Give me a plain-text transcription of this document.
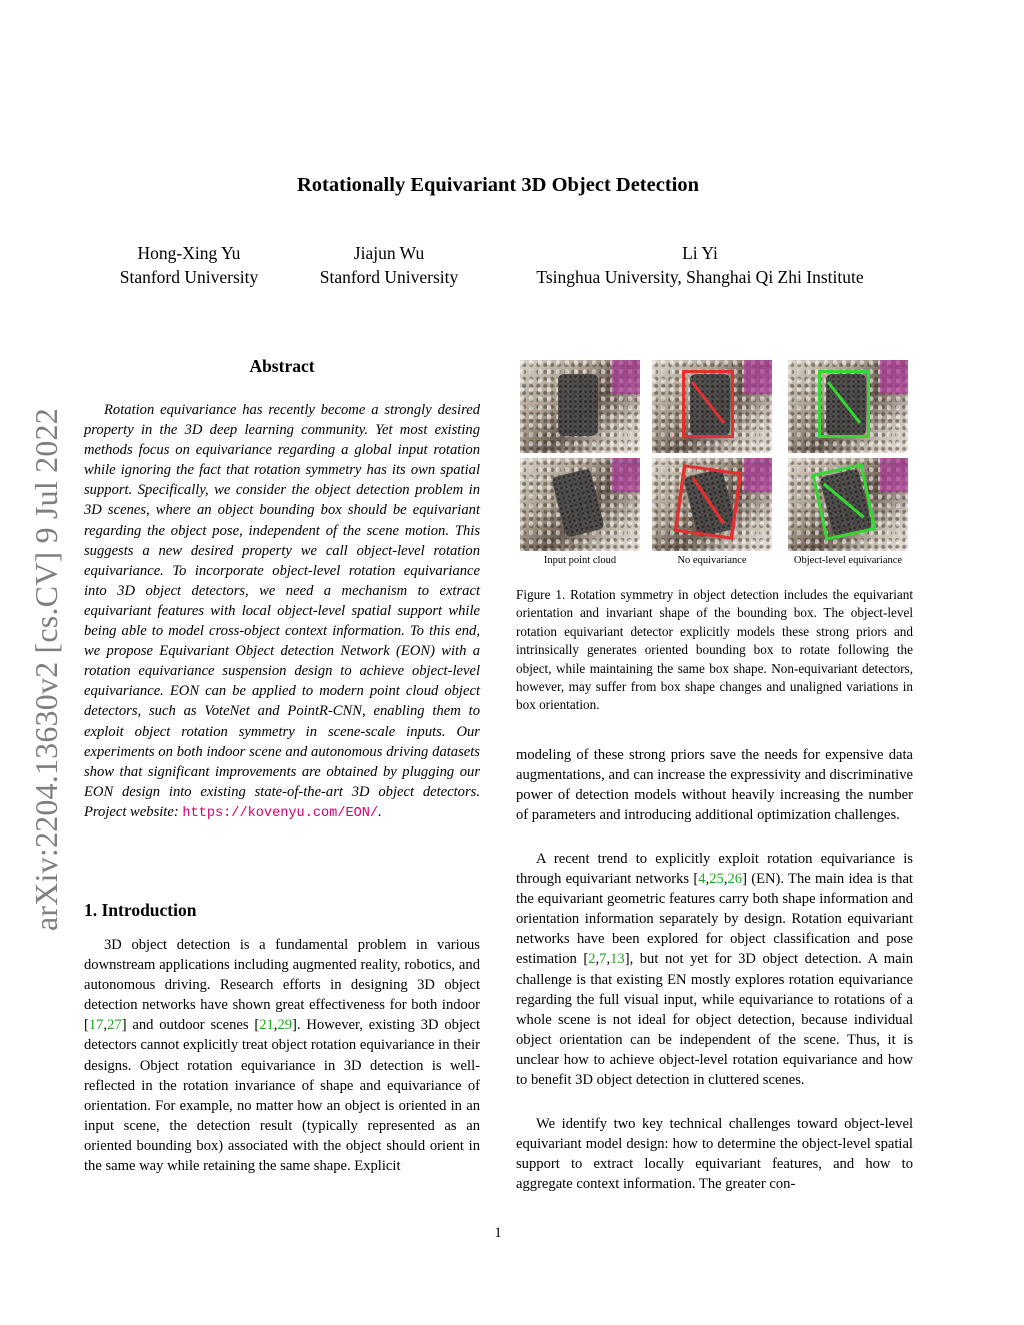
Rotationally Equivariant 3D Object Detection
Hong-Xing Yu
Stanford University
Jiajun Wu
Stanford University
Li Yi
Tsinghua University, Shanghai Qi Zhi Institute
arXiv:2204.13630v2 [cs.CV] 9 Jul 2022
Abstract

Rotation equivariance has recently become a strongly desired property in the 3D deep learning community. Yet most existing methods focus on equivariance regarding a global input rotation while ignoring the fact that rotation symmetry has its own spatial support. Specifically, we consider the object detection problem in 3D scenes, where an object bounding box should be equivariant regarding the object pose, independent of the scene motion. This suggests a new desired property we call object-level rotation equivariance. To incorporate object-level rotation equivariance into 3D object detectors, we need a mechanism to extract equivariant features with local object-level spatial support while being able to model cross-object context information. To this end, we propose Equivariant Object detection Network (EON) with a rotation equivariance suspension design to achieve object-level equivariance. EON can be applied to modern point cloud object detectors, such as VoteNet and PointR-CNN, enabling them to exploit object rotation symmetry in scene-scale inputs. Our experiments on both indoor scene and autonomous driving datasets show that significant improvements are obtained by plugging our EON design into existing state-of-the-art 3D object detectors. Project website: https://kovenyu.com/EON/.

1. Introduction

3D object detection is a fundamental problem in various downstream applications including augmented reality, robotics, and autonomous driving. Research efforts in designing 3D object detection networks have shown great effectiveness for both indoor [17,27] and outdoor scenes [21,29]. However, existing 3D object detectors cannot explicitly treat object rotation equivariance in their designs. Object rotation equivariance in 3D detection is well-reflected in the rotation invariance of shape and equivariance of orientation. For example, no matter how an object is oriented in an input scene, the detection result (typically represented as an oriented bounding box) associated with the object should orient in the same way while retaining the same shape. Explicit

Input point cloud	No equivariance	Object-level equivariance

Figure 1. Rotation symmetry in object detection includes the equivariant orientation and invariant shape of the bounding box. The object-level rotation equivariant detector explicitly models these strong priors and intrinsically generates oriented bounding box to rotate following the object, while maintaining the same box shape. Non-equivariant detectors, however, may suffer from box shape changes and unaligned variations in box orientation.

modeling of these strong priors save the needs for expensive data augmentations, and can increase the expressivity and discriminative power of detection models without heavily increasing the number of parameters and introducing additional optimization challenges.

A recent trend to explicitly exploit rotation equivariance is through equivariant networks [4,25,26] (EN). The main idea is that the equivariant geometric features carry both shape information and orientation information separately by design. Rotation equivariant networks have been explored for object classification and pose estimation [2,7,13], but not yet for 3D object detection. A main challenge is that existing EN mostly explores rotation equivariance regarding the full visual input, while equivariance to rotations of a whole scene is not ideal for object detection, because individual object orientation can be independent of the scene. Thus, it is unclear how to achieve object-level rotation equivariance and how to benefit 3D object detection in cluttered scenes.

We identify two key technical challenges toward object-level equivariant model design: how to determine the object-level spatial support to extract locally equivariant features, and how to aggregate context information. The greater con-

1
